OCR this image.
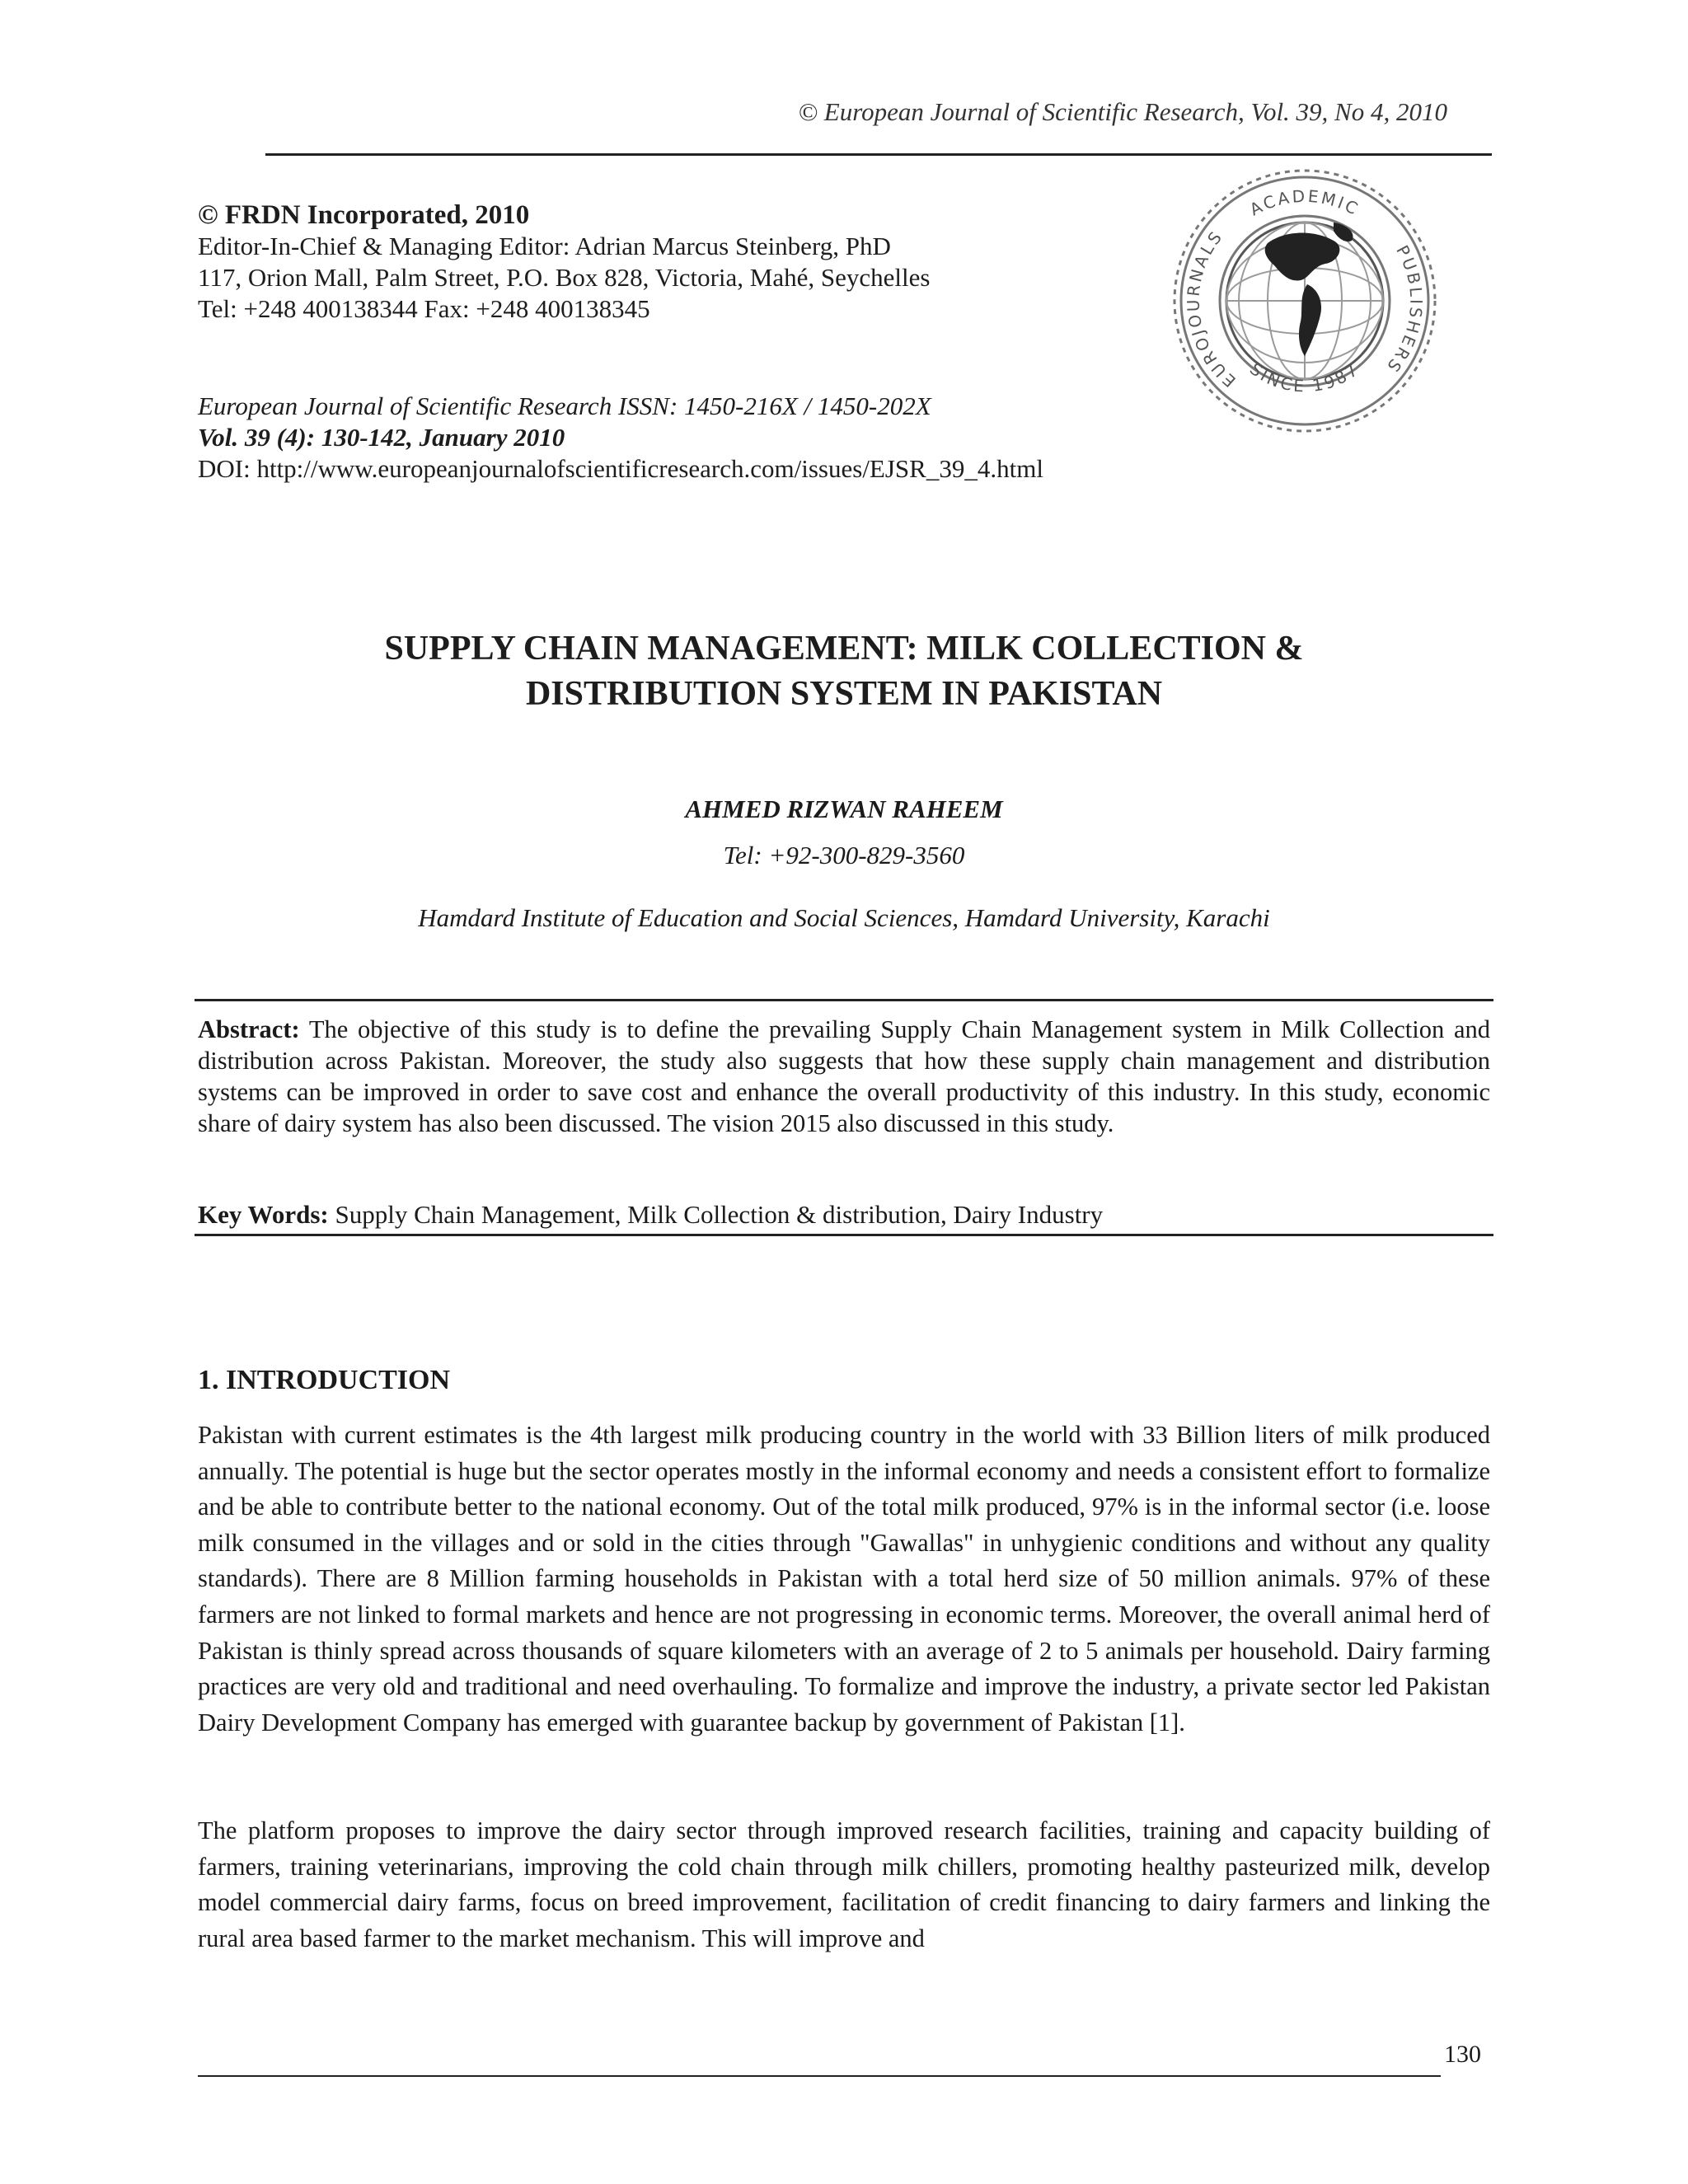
© European Journal of Scientific Research, Vol. 39, No 4, 2010
© FRDN Incorporated, 2010
Editor-In-Chief & Managing Editor: Adrian Marcus Steinberg, PhD
117, Orion Mall, Palm Street, P.O. Box 828, Victoria, Mahé, Seychelles
Tel: +248 400138344 Fax: +248 400138345
European Journal of Scientific Research ISSN: 1450-216X / 1450-202X
Vol. 39 (4): 130-142, January 2010
DOI: http://www.europeanjournalofscientificresearch.com/issues/EJSR_39_4.html
ACADEMIC
EUROJOURNALS
PUBLISHERS
SINCE 1987
SUPPLY CHAIN MANAGEMENT: MILK COLLECTION &
DISTRIBUTION SYSTEM IN PAKISTAN
AHMED RIZWAN RAHEEM
Tel: +92-300-829-3560
Hamdard Institute of Education and Social Sciences, Hamdard University, Karachi
Abstract: The objective of this study is to define the prevailing Supply Chain Management system in Milk Collection and distribution across Pakistan. Moreover, the study also suggests that how these supply chain management and distribution systems can be improved in order to save cost and enhance the overall productivity of this industry. In this study, economic share of dairy system has also been discussed. The vision 2015 also discussed in this study.
Key Words: Supply Chain Management, Milk Collection & distribution, Dairy Industry
1. INTRODUCTION

Pakistan with current estimates is the 4th largest milk producing country in the world with 33 Billion liters of milk produced annually. The potential is huge but the sector operates mostly in the informal economy and needs a consistent effort to formalize and be able to contribute better to the national economy. Out of the total milk produced, 97% is in the informal sector (i.e. loose milk consumed in the villages and or sold in the cities through "Gawallas" in unhygienic conditions and without any quality standards). There are 8 Million farming households in Pakistan with a total herd size of 50 million animals. 97% of these farmers are not linked to formal markets and hence are not progressing in economic terms. Moreover, the overall animal herd of Pakistan is thinly spread across thousands of square kilometers with an average of 2 to 5 animals per household. Dairy farming practices are very old and traditional and need overhauling. To formalize and improve the industry, a private sector led Pakistan Dairy Development Company has emerged with guarantee backup by government of Pakistan [1].

The platform proposes to improve the dairy sector through improved research facilities, training and capacity building of farmers, training veterinarians, improving the cold chain through milk chillers, promoting healthy pasteurized milk, develop model commercial dairy farms, focus on breed improvement, facilitation of credit financing to dairy farmers and linking the rural area based farmer to the market mechanism. This will improve and

130
